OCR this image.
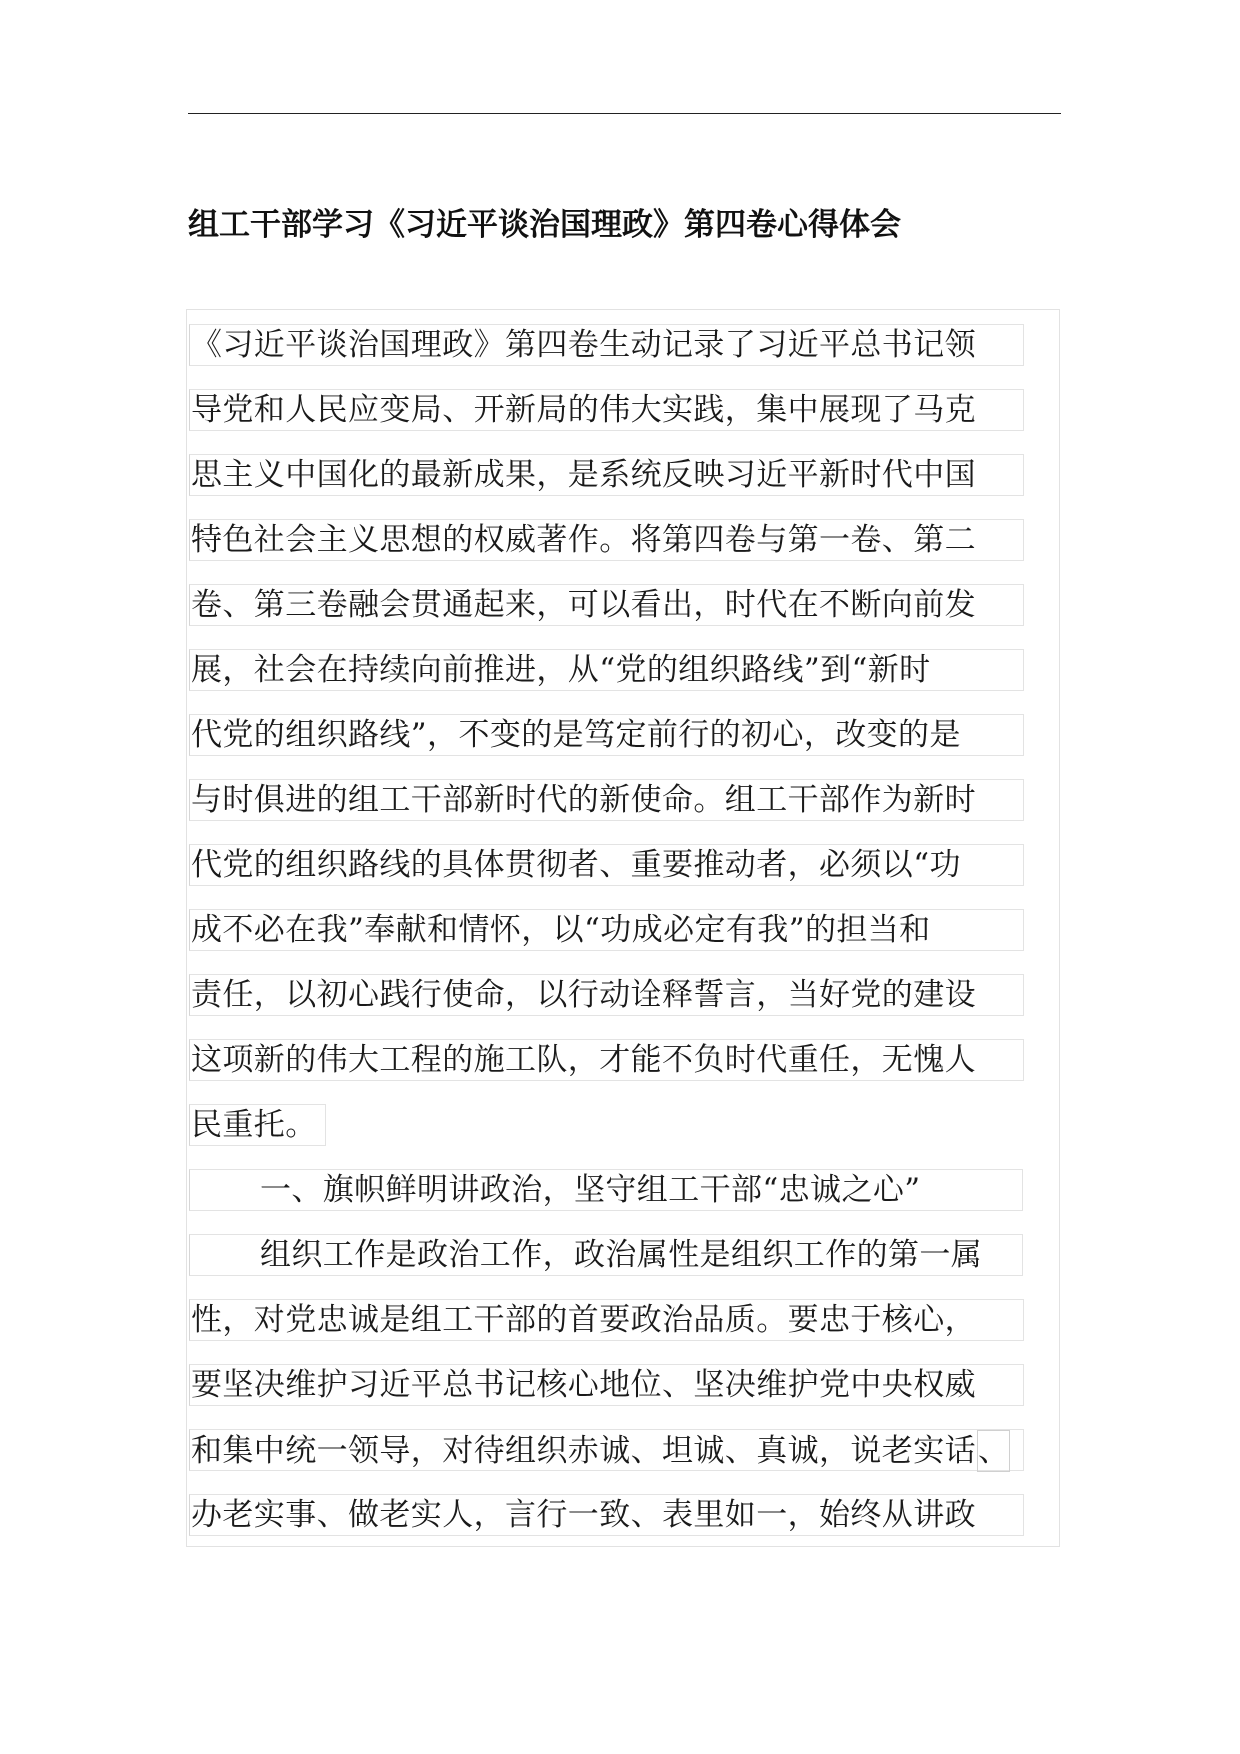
组工干部学习《习近平谈治国理政》第四卷心得体会
《习近平谈治国理政》第四卷生动记录了习近平总书记领
导党和人民应变局、开新局的伟大实践，集中展现了马克
思主义中国化的最新成果，是系统反映习近平新时代中国
特色社会主义思想的权威著作。将第四卷与第一卷、第二
卷、第三卷融会贯通起来，可以看出，时代在不断向前发
展，社会在持续向前推进，从“党的组织路线”到“新时
代党的组织路线”，不变的是笃定前行的初心，改变的是
与时俱进的组工干部新时代的新使命。组工干部作为新时
代党的组织路线的具体贯彻者、重要推动者，必须以“功
成不必在我”奉献和情怀，以“功成必定有我”的担当和
责任，以初心践行使命，以行动诠释誓言，当好党的建设
这项新的伟大工程的施工队，才能不负时代重任，无愧人
民重托。
一、旗帜鲜明讲政治，坚守组工干部“忠诚之心”
组织工作是政治工作，政治属性是组织工作的第一属
性，对党忠诚是组工干部的首要政治品质。要忠于核心，
要坚决维护习近平总书记核心地位、坚决维护党中央权威
和集中统一领导，对待组织赤诚、坦诚、真诚，说老实话、
办老实事、做老实人，言行一致、表里如一，始终从讲政
